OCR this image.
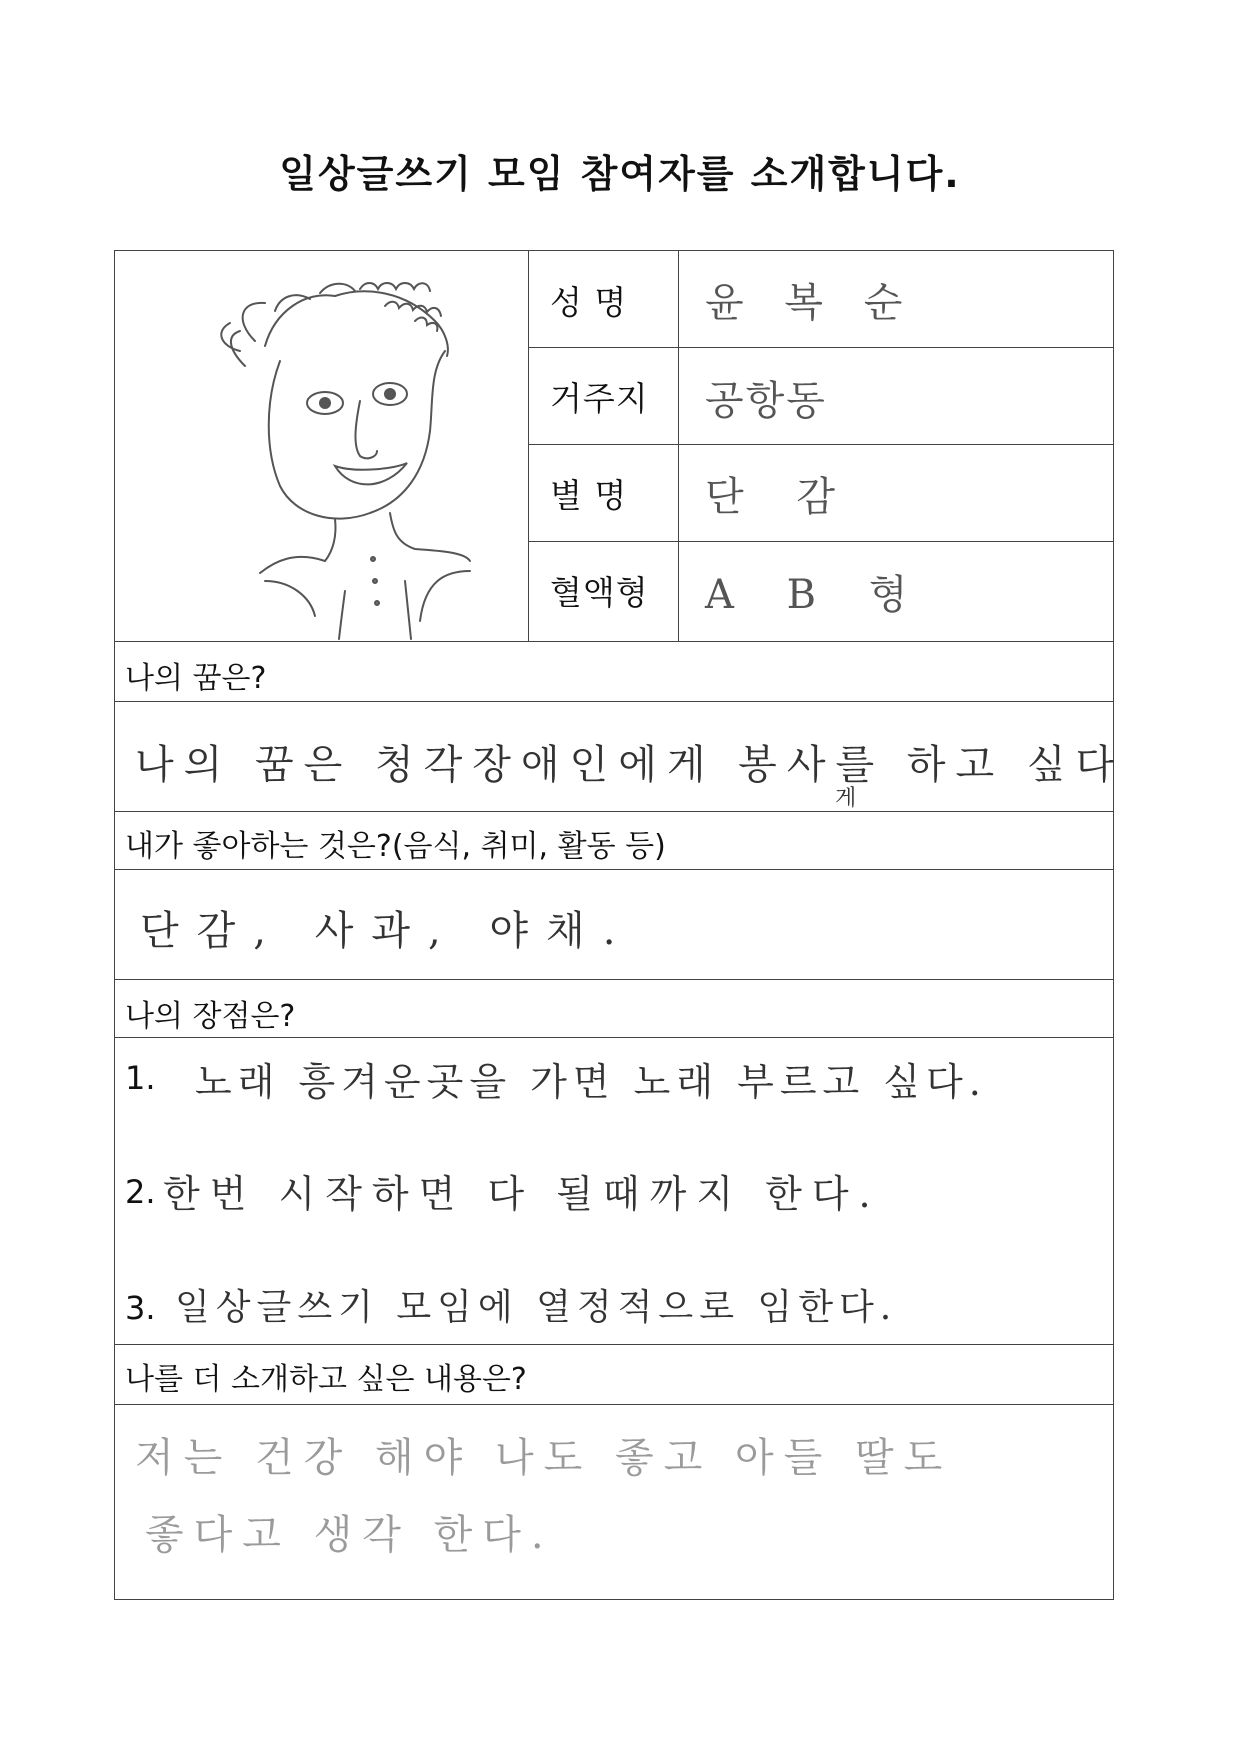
일상글쓰기 모임 참여자를 소개합니다.
성 명 윤 복 순
거주지 공항동
별 명 단 감
혈액형 A B 형
나의 꿈은?
나의 꿈은 청각장애인에게 봉사를 하고 싶다
게
내가 좋아하는 것은?(음식, 취미, 활동 등)
단감, 사과, 야채.
나의 장점은?
1. 노래 흥겨운곳을 가면 노래 부르고 싶다.
2. 한번 시작하면 다 될때까지 한다.
3. 일상글쓰기 모임에 열정적으로 임한다.
나를 더 소개하고 싶은 내용은?
저는 건강 해야 나도 좋고 아들 딸도
좋다고 생각 한다.
